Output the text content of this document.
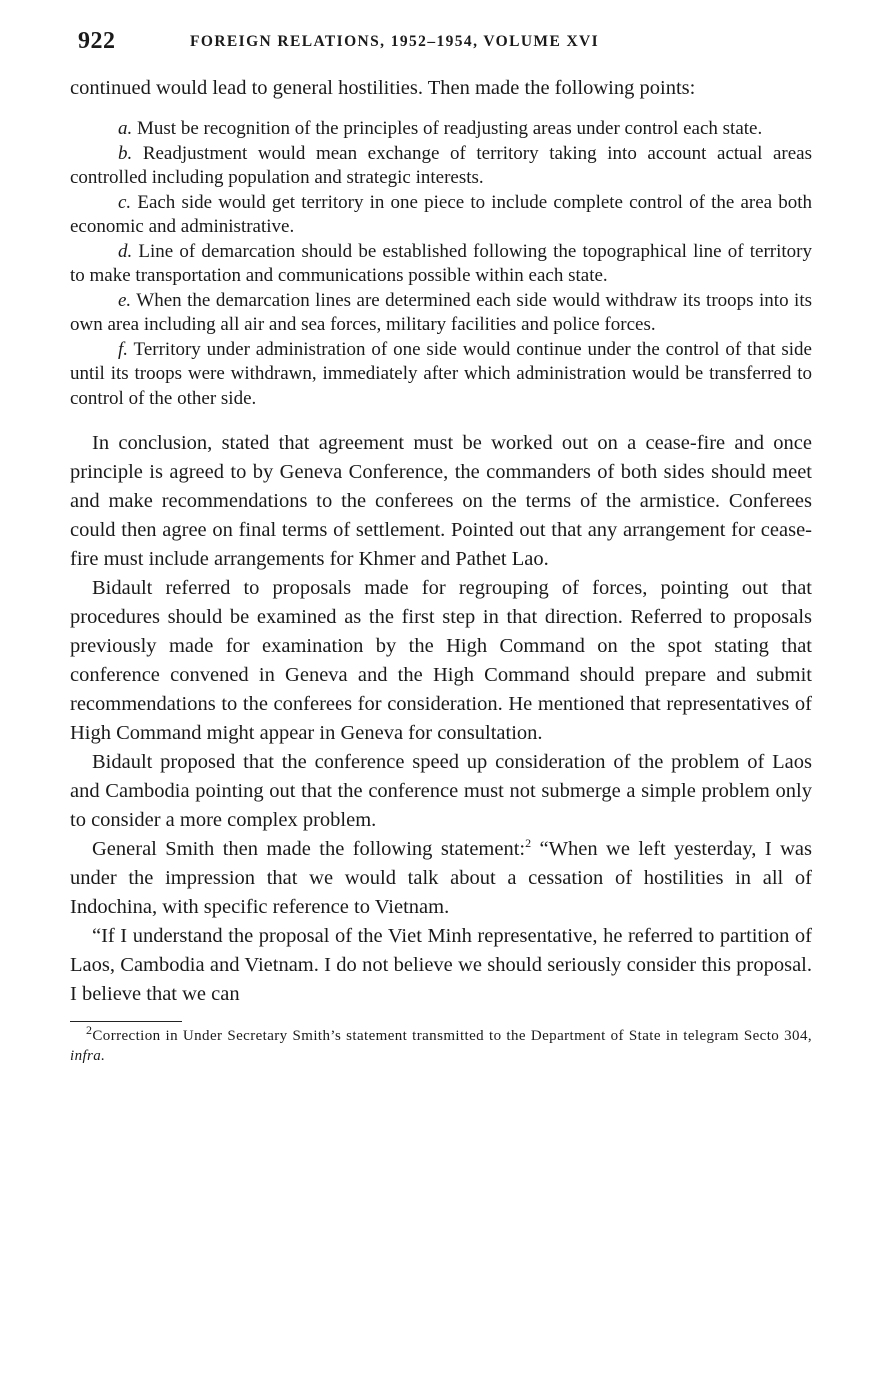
922	FOREIGN RELATIONS, 1952–1954, VOLUME XVI

continued would lead to general hostilities. Then made the following points:

a. Must be recognition of the principles of readjusting areas under control each state.

b. Readjustment would mean exchange of territory taking into account actual areas controlled including population and strategic interests.

c. Each side would get territory in one piece to include complete control of the area both economic and administrative.

d. Line of demarcation should be established following the topographical line of territory to make transportation and communications possible within each state.

e. When the demarcation lines are determined each side would withdraw its troops into its own area including all air and sea forces, military facilities and police forces.

f. Territory under administration of one side would continue under the control of that side until its troops were withdrawn, immediately after which administration would be transferred to control of the other side.

In conclusion, stated that agreement must be worked out on a cease-fire and once principle is agreed to by Geneva Conference, the commanders of both sides should meet and make recommendations to the conferees on the terms of the armistice. Conferees could then agree on final terms of settlement. Pointed out that any arrangement for cease-fire must include arrangements for Khmer and Pathet Lao.

Bidault referred to proposals made for regrouping of forces, pointing out that procedures should be examined as the first step in that direction. Referred to proposals previously made for examination by the High Command on the spot stating that conference convened in Geneva and the High Command should prepare and submit recommendations to the conferees for consideration. He mentioned that representatives of High Command might appear in Geneva for consultation.

Bidault proposed that the conference speed up consideration of the problem of Laos and Cambodia pointing out that the conference must not submerge a simple problem only to consider a more complex problem.

General Smith then made the following statement:$^2$ “When we left yesterday, I was under the impression that we would talk about a cessation of hostilities in all of Indochina, with specific reference to Vietnam.

“If I understand the proposal of the Viet Minh representative, he referred to partition of Laos, Cambodia and Vietnam. I do not believe we should seriously consider this proposal. I believe that we can

$^2$Correction in Under Secretary Smith’s statement transmitted to the Department of State in telegram Secto 304, infra.
